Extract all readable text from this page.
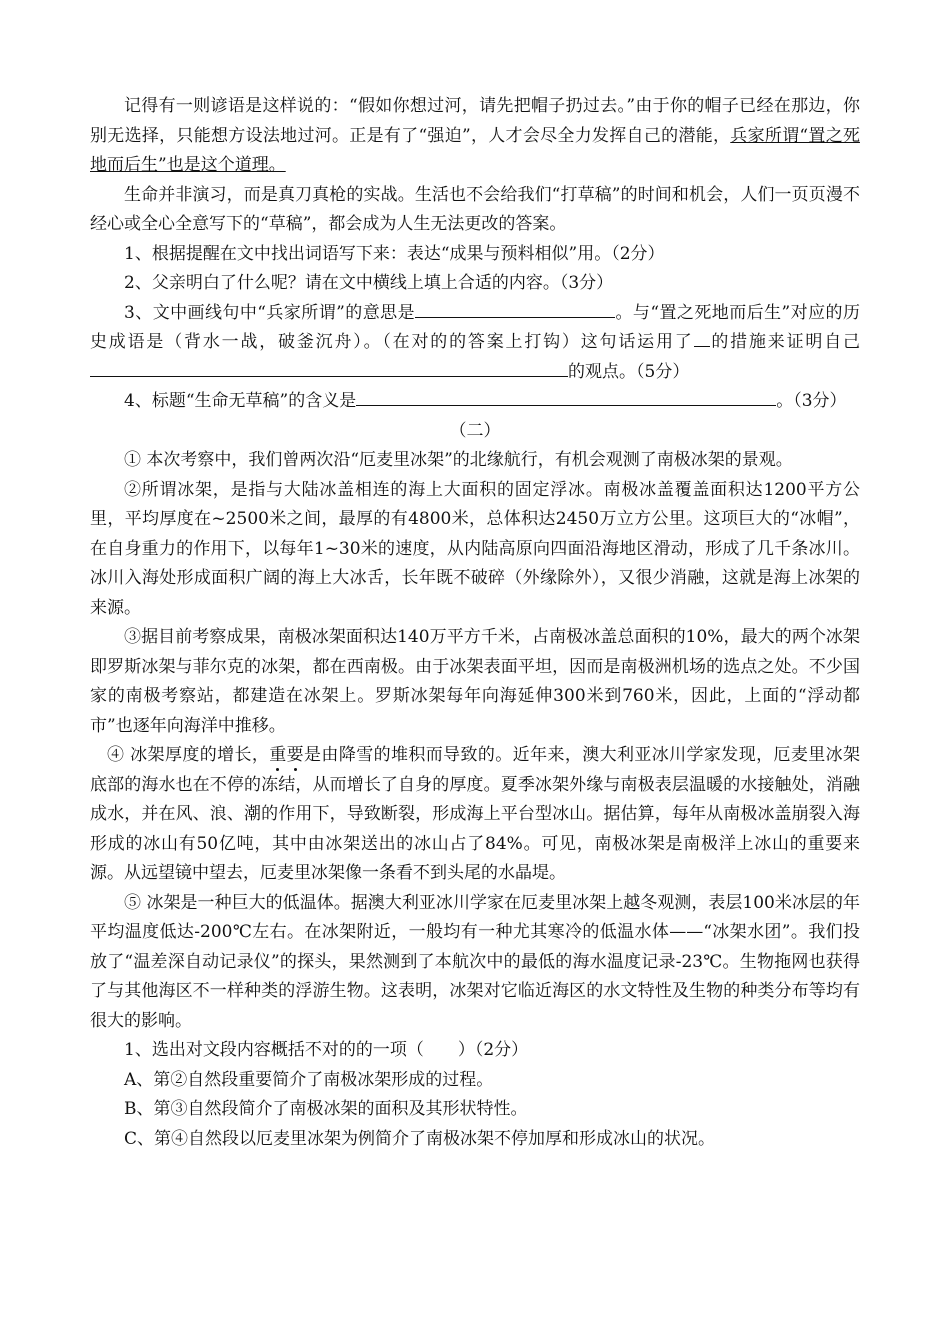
记得有一则谚语是这样说的：“假如你想过河，请先把帽子扔过去。”由于你的帽子已经在那边，你别无选择，只能想方设法地过河。正是有了“强迫”，人才会尽全力发挥自己的潜能，兵家所谓“置之死地而后生”也是这个道理。

生命并非演习，而是真刀真枪的实战。生活也不会给我们“打草稿”的时间和机会，人们一页页漫不经心或全心全意写下的“草稿”，都会成为人生无法更改的答案。

1、根据提醒在文中找出词语写下来：表达“成果与预料相似”用。（2分）

2、父亲明白了什么呢？请在文中横线上填上合适的内容。（3分）

3、文中画线句中“兵家所谓”的意思是	。与“置之死地而后生”对应的历史成语是（背水一战，破釜沉舟）。（在对的的答案上打钩）这句话运用了 的措施来证明自己 的观点。（5分）

4、标题“生命无草稿”的含义是	。（3分）

（二）

① 本次考察中，我们曾两次沿“厄麦里冰架”的北缘航行，有机会观测了南极冰架的景观。

②所谓冰架，是指与大陆冰盖相连的海上大面积的固定浮冰。南极冰盖覆盖面积达1200平方公里，平均厚度在~2500米之间，最厚的有4800米，总体积达2450万立方公里。这项巨大的“冰帽”，在自身重力的作用下，以每年1~30米的速度，从内陆高原向四面沿海地区滑动，形成了几千条冰川。冰川入海处形成面积广阔的海上大冰舌，长年既不破碎（外缘除外），又很少消融，这就是海上冰架的来源。

③据目前考察成果，南极冰架面积达140万平方千米，占南极冰盖总面积的10%，最大的两个冰架即罗斯冰架与菲尔克的冰架，都在西南极。由于冰架表面平坦，因而是南极洲机场的选点之处。不少国家的南极考察站，都建造在冰架上。罗斯冰架每年向海延伸300米到760米，因此，上面的“浮动都市”也逐年向海洋中推移。

④ 冰架厚度的增长，重要是由降雪的堆积而导致的。近年来，澳大利亚冰川学家发现，厄麦里冰架底部的海水也在不停的冻结，从而增长了自身的厚度。夏季冰架外缘与南极表层温暖的水接触处，消融成水，并在风、浪、潮的作用下，导致断裂，形成海上平台型冰山。据估算，每年从南极冰盖崩裂入海形成的冰山有50亿吨，其中由冰架送出的冰山占了84%。可见，南极冰架是南极洋上冰山的重要来源。从远望镜中望去，厄麦里冰架像一条看不到头尾的水晶堤。

⑤ 冰架是一种巨大的低温体。据澳大利亚冰川学家在厄麦里冰架上越冬观测，表层100米冰层的年平均温度低达-200℃左右。在冰架附近，一般均有一种尤其寒冷的低温水体——“冰架水团”。我们投放了“温差深自动记录仪”的探头，果然测到了本航次中的最低的海水温度记录-23℃。生物拖网也获得了与其他海区不一样种类的浮游生物。这表明，冰架对它临近海区的水文特性及生物的种类分布等均有很大的影响。

1、选出对文段内容概括不对的的一项（　　）（2分）

A、第②自然段重要简介了南极冰架形成的过程。

B、第③自然段简介了南极冰架的面积及其形状特性。

C、第④自然段以厄麦里冰架为例简介了南极冰架不停加厚和形成冰山的状况。
